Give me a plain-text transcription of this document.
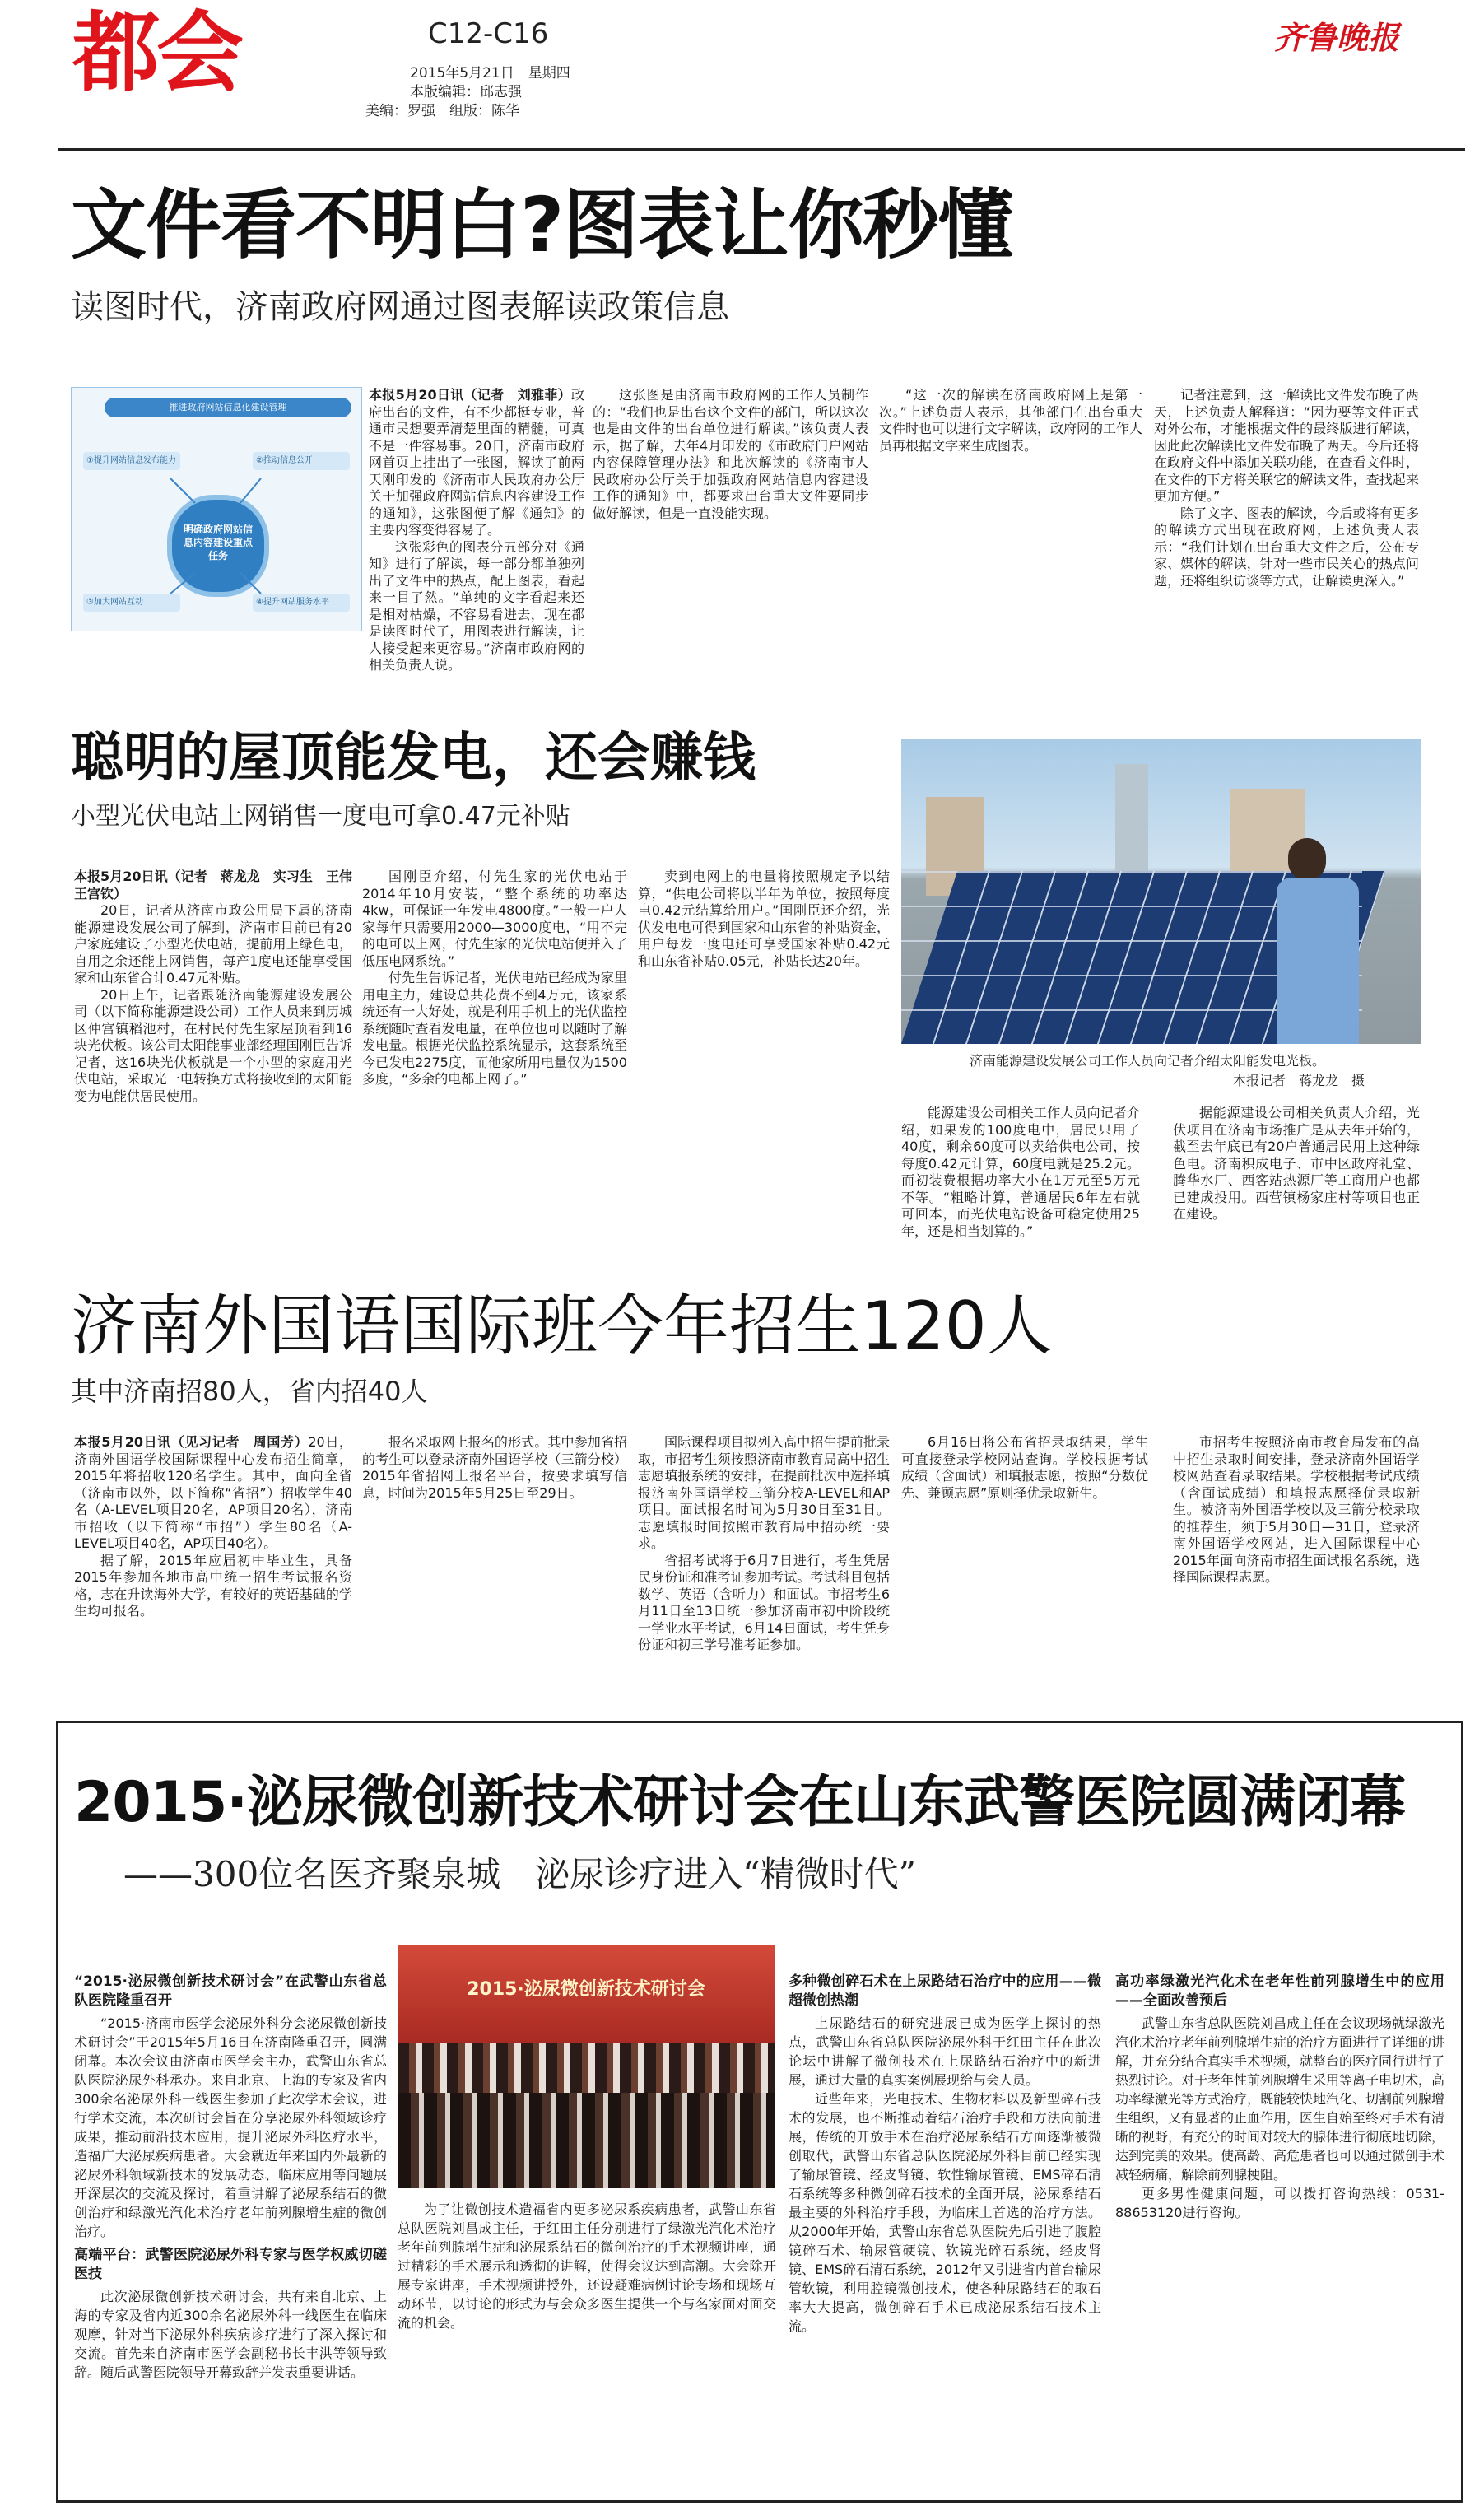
都会	C12-C16
2015年5月21日　星期四
本版编辑：邱志强
美编：罗强　组版：陈华
齐鲁晚报
文件看不明白?图表让你秒懂
读图时代，济南政府网通过图表解读政策信息
推进政府网站信息化建设管理
①提升网站信息发布能力	②推动信息公开
③加大网站互动	④提升网站服务水平
明确政府网站信息内容建设重点任务

本报5月20日讯（记者　刘雅菲）政府出台的文件，有不少都挺专业，普通市民想要弄清楚里面的精髓，可真不是一件容易事。20日，济南市政府网首页上挂出了一张图，解读了前两天刚印发的《济南市人民政府办公厅关于加强政府网站信息内容建设工作的通知》，这张图便了解《通知》的主要内容变得容易了。

这张彩色的图表分五部分对《通知》进行了解读，每一部分都单独列出了文件中的热点，配上图表，看起来一目了然。“单纯的文字看起来还是相对枯燥，不容易看进去，现在都是读图时代了，用图表进行解读，让人接受起来更容易。”济南市政府网的相关负责人说。

这张图是由济南市政府网的工作人员制作的：“我们也是出台这个文件的部门，所以这次也是由文件的出台单位进行解读。”该负责人表示，据了解，去年4月印发的《市政府门户网站内容保障管理办法》和此次解读的《济南市人民政府办公厅关于加强政府网站信息内容建设工作的通知》中，都要求出台重大文件要同步做好解读，但是一直没能实现。

“这一次的解读在济南政府网上是第一次。”上述负责人表示，其他部门在出台重大文件时也可以进行文字解读，政府网的工作人员再根据文字来生成图表。

记者注意到，这一解读比文件发布晚了两天，上述负责人解释道：“因为要等文件正式对外公布，才能根据文件的最终版进行解读，因此此次解读比文件发布晚了两天。今后还将在政府文件中添加关联功能，在查看文件时，在文件的下方将关联它的解读文件，查找起来更加方便。”

除了文字、图表的解读，今后或将有更多的解读方式出现在政府网，上述负责人表示：“我们计划在出台重大文件之后，公布专家、媒体的解读，针对一些市民关心的热点问题，还将组织访谈等方式，让解读更深入。”

聪明的屋顶能发电，还会赚钱
小型光伏电站上网销售一度电可拿0.47元补贴
济南能源建设发展公司工作人员向记者介绍太阳能发电光板。
本报记者　蒋龙龙　摄

本报5月20日讯（记者　蒋龙龙　实习生　王伟　王宫钦）

20日，记者从济南市政公用局下属的济南能源建设发展公司了解到，济南市目前已有20户家庭建设了小型光伏电站，提前用上绿色电，自用之余还能上网销售，每产1度电还能享受国家和山东省合计0.47元补贴。

20日上午，记者跟随济南能源建设发展公司（以下简称能源建设公司）工作人员来到历城区仲宫镇稻池村，在村民付先生家屋顶看到16块光伏板。该公司太阳能事业部经理国刚臣告诉记者，这16块光伏板就是一个小型的家庭用光伏电站，采取光一电转换方式将接收到的太阳能变为电能供居民使用。

国刚臣介绍，付先生家的光伏电站于2014年10月安装，“整个系统的功率达4kw，可保证一年发电4800度。”一般一户人家每年只需要用2000—3000度电，“用不完的电可以上网，付先生家的光伏电站便并入了低压电网系统。”

付先生告诉记者，光伏电站已经成为家里用电主力，建设总共花费不到4万元，该家系统还有一大好处，就是利用手机上的光伏监控系统随时查看发电量，在单位也可以随时了解发电量。根据光伏监控系统显示，这套系统至今已发电2275度，而他家所用电量仅为1500多度，“多余的电都上网了。”

卖到电网上的电量将按照规定予以结算，“供电公司将以半年为单位，按照每度电0.42元结算给用户。”国刚臣还介绍，光伏发电电可得到国家和山东省的补贴资金，用户每发一度电还可享受国家补贴0.42元和山东省补贴0.05元，补贴长达20年。

能源建设公司相关工作人员向记者介绍，如果发的100度电中，居民只用了40度，剩余60度可以卖给供电公司，按每度0.42元计算，60度电就是25.2元。而初装费根据功率大小在1万元至5万元不等。“粗略计算，普通居民6年左右就可回本，而光伏电站设备可稳定使用25年，还是相当划算的。”

据能源建设公司相关负责人介绍，光伏项目在济南市场推广是从去年开始的，截至去年底已有20户普通居民用上这种绿色电。济南积成电子、市中区政府礼堂、腾华水厂、西客站热源厂等工商用户也都已建成投用。西营镇杨家庄村等项目也正在建设。

济南外国语国际班今年招生120人
其中济南招80人，省内招40人

本报5月20日讯（见习记者　周国芳）20日，济南外国语学校国际课程中心发布招生简章，2015年将招收120名学生。其中，面向全省（济南市以外，以下简称“省招”）招收学生40名（A-LEVEL项目20名，AP项目20名），济南市招收（以下简称“市招”）学生80名（A-LEVEL项目40名，AP项目40名）。

据了解，2015年应届初中毕业生，具备2015年参加各地市高中统一招生考试报名资格，志在升读海外大学，有较好的英语基础的学生均可报名。

报名采取网上报名的形式。其中参加省招的考生可以登录济南外国语学校（三箭分校）2015年省招网上报名平台，按要求填写信息，时间为2015年5月25日至29日。

国际课程项目拟列入高中招生提前批录取，市招考生须按照济南市教育局高中招生志愿填报系统的安排，在提前批次中选择填报济南外国语学校三箭分校A-LEVEL和AP项目。面试报名时间为5月30日至31日。志愿填报时间按照市教育局中招办统一要求。

省招考试将于6月7日进行，考生凭居民身份证和准考证参加考试。考试科目包括数学、英语（含听力）和面试。市招考生6月11日至13日统一参加济南市初中阶段统一学业水平考试，6月14日面试，考生凭身份证和初三学号准考证参加。

6月16日将公布省招录取结果，学生可直接登录学校网站查询。学校根据考试成绩（含面试）和填报志愿，按照“分数优先、兼顾志愿”原则择优录取新生。

市招考生按照济南市教育局发布的高中招生录取时间安排，登录济南外国语学校网站查看录取结果。学校根据考试成绩（含面试成绩）和填报志愿择优录取新生。被济南外国语学校以及三箭分校录取的推荐生，须于5月30日—31日，登录济南外国语学校网站，进入国际课程中心2015年面向济南市招生面试报名系统，选择国际课程志愿。

2015·泌尿微创新技术研讨会在山东武警医院圆满闭幕
——300位名医齐聚泉城　泌尿诊疗进入“精微时代”
2015·泌尿微创新技术研讨会

“2015·泌尿微创新技术研讨会”在武警山东省总队医院隆重召开

“2015·济南市医学会泌尿外科分会泌尿微创新技术研讨会”于2015年5月16日在济南隆重召开，圆满闭幕。本次会议由济南市医学会主办，武警山东省总队医院泌尿外科承办。来自北京、上海的专家及省内300余名泌尿外科一线医生参加了此次学术会议，进行学术交流，本次研讨会旨在分享泌尿外科领域诊疗成果，推动前沿技术应用，提升泌尿外科医疗水平，造福广大泌尿疾病患者。大会就近年来国内外最新的泌尿外科领域新技术的发展动态、临床应用等问题展开深层次的交流及探讨，着重讲解了泌尿系结石的微创治疗和绿激光汽化术治疗老年前列腺增生症的微创治疗。

高端平台：武警医院泌尿外科专家与医学权威切磋医技

此次泌尿微创新技术研讨会，共有来自北京、上海的专家及省内近300余名泌尿外科一线医生在临床观摩，针对当下泌尿外科疾病诊疗进行了深入探讨和交流。首先来自济南市医学会副秘书长丰洪等领导致辞。随后武警医院领导开幕致辞并发表重要讲话。

为了让微创技术造福省内更多泌尿系疾病患者，武警山东省总队医院刘昌成主任，于红田主任分别进行了绿激光汽化术治疗老年前列腺增生症和泌尿系结石的微创治疗的手术视频讲座，通过精彩的手术展示和透彻的讲解，使得会议达到高潮。大会除开展专家讲座，手术视频讲授外，还设疑难病例讨论专场和现场互动环节，以讨论的形式为与会众多医生提供一个与名家面对面交流的机会。

多种微创碎石术在上尿路结石治疗中的应用——微超微创热潮

上尿路结石的研究进展已成为医学上探讨的热点，武警山东省总队医院泌尿外科于红田主任在此次论坛中讲解了微创技术在上尿路结石治疗中的新进展，通过大量的真实案例展现给与会人员。

近些年来，光电技术、生物材料以及新型碎石技术的发展，也不断推动着结石治疗手段和方法向前进展，传统的开放手术在治疗泌尿系结石方面逐渐被微创取代，武警山东省总队医院泌尿外科目前已经实现了输尿管镜、经皮肾镜、软性输尿管镜、EMS碎石清石系统等多种微创碎石技术的全面开展，泌尿系结石最主要的外科治疗手段，为临床上首选的治疗方法。从2000年开始，武警山东省总队医院先后引进了腹腔镜碎石术、输尿管硬镜、软镜光碎石系统，经皮肾镜、EMS碎石清石系统，2012年又引进省内首台输尿管软镜，利用腔镜微创技术，使各种尿路结石的取石率大大提高，微创碎石手术已成泌尿系结石技术主流。

高功率绿激光汽化术在老年性前列腺增生中的应用——全面改善预后

武警山东省总队医院刘昌成主任在会议现场就绿激光汽化术治疗老年前列腺增生症的治疗方面进行了详细的讲解，并充分结合真实手术视频，就整台的医疗同行进行了热烈讨论。对于老年性前列腺增生采用等离子电切术，高功率绿激光等方式治疗，既能较快地汽化、切割前列腺增生组织，又有显著的止血作用，医生自始至终对手术有清晰的视野，有充分的时间对较大的腺体进行彻底地切除，达到完美的效果。使高龄、高危患者也可以通过微创手术减轻病痛，解除前列腺梗阻。

更多男性健康问题，可以拨打咨询热线：0531-88653120进行咨询。
